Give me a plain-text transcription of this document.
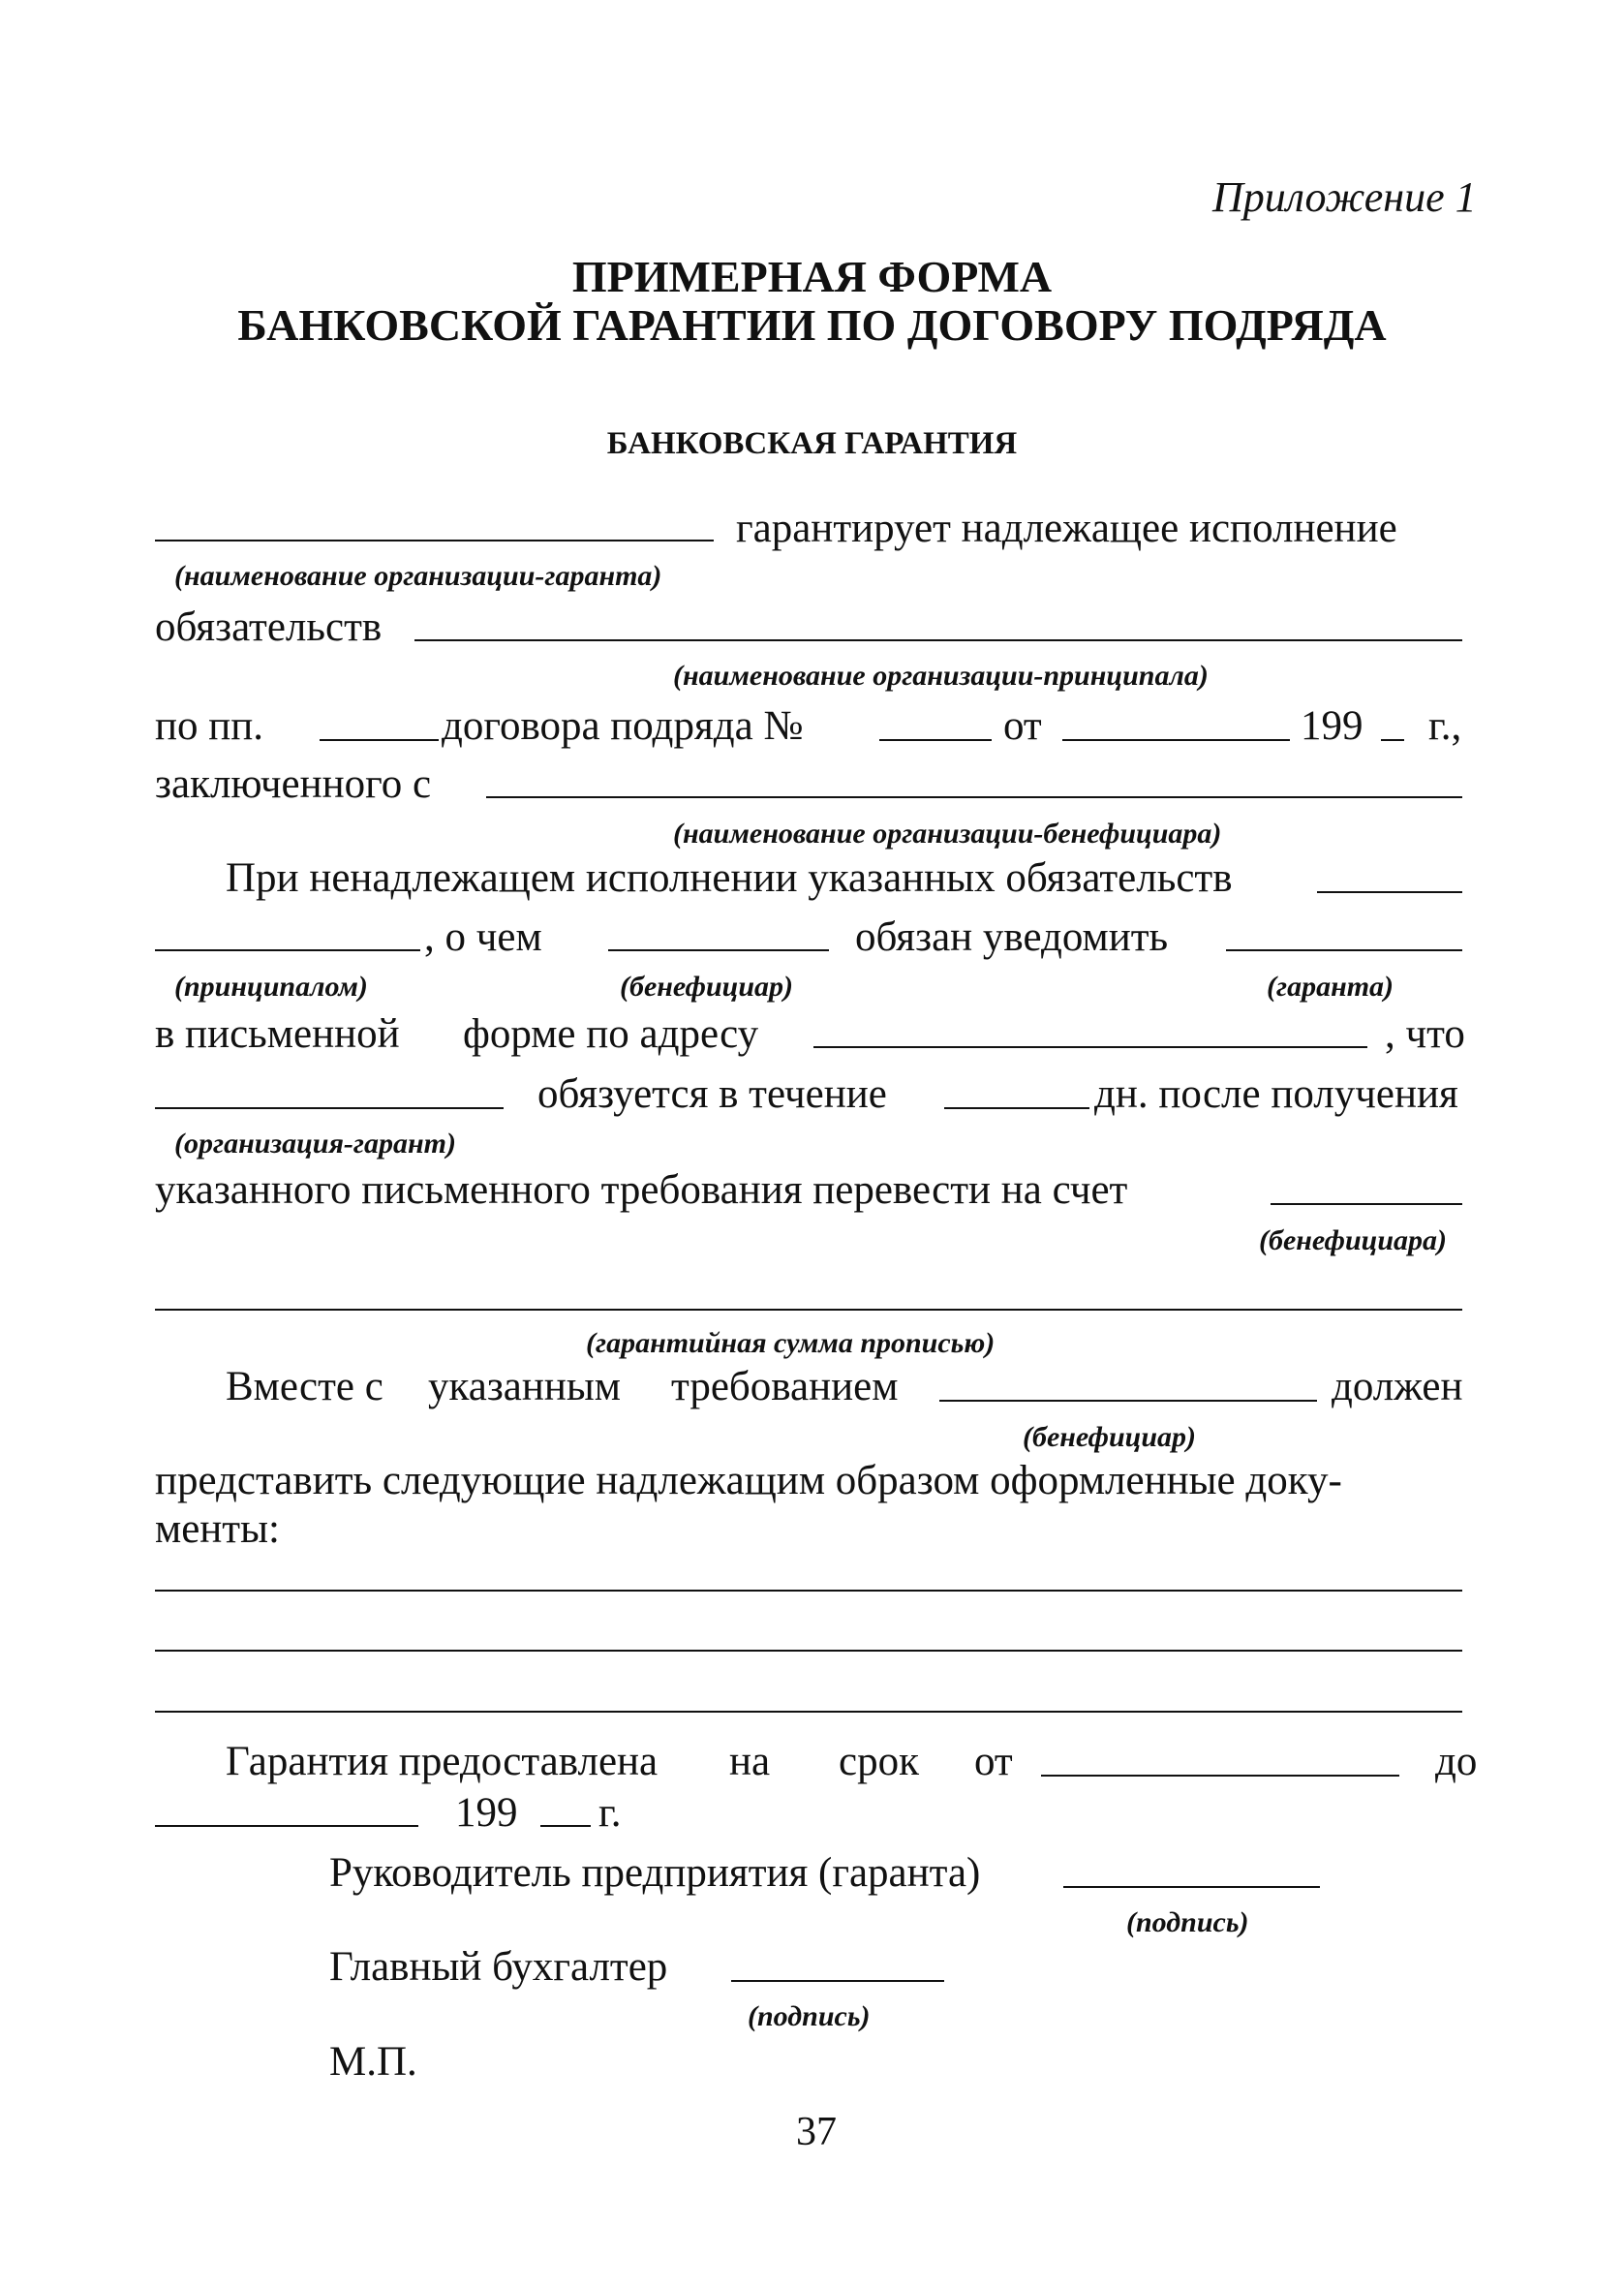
Приложение 1
ПРИМЕРНАЯ ФОРМА
БАНКОВСКОЙ ГАРАНТИИ ПО ДОГОВОРУ ПОДРЯДА
БАНКОВСКАЯ ГАРАНТИЯ
гарантирует надлежащее исполнение
(наименование организации-гаранта)
обязательств
(наименование организации-принципала)
по пп.	договора подряда №	от	199 г.,
заключенного с
(наименование организации-бенефициара)
При ненадлежащем исполнении указанных обязательств
, о чем	обязан уведомить
(принципалом)	(бенефициар)	(гаранта)
в письменной форме по адресу	, что
обязуется в течение	дн. после получения
(организация-гарант)
указанного письменного требования перевести на счет
(бенефициара)
(гарантийная сумма прописью)
Вместе с указанным требованием	должен
(бенефициар)
представить следующие надлежащим образом оформленные доку-
менты:
Гарантия предоставлена на срок от	до
199 г.
Руководитель предприятия (гаранта)
(подпись)
Главный бухгалтер
(подпись)
М.П.
37
